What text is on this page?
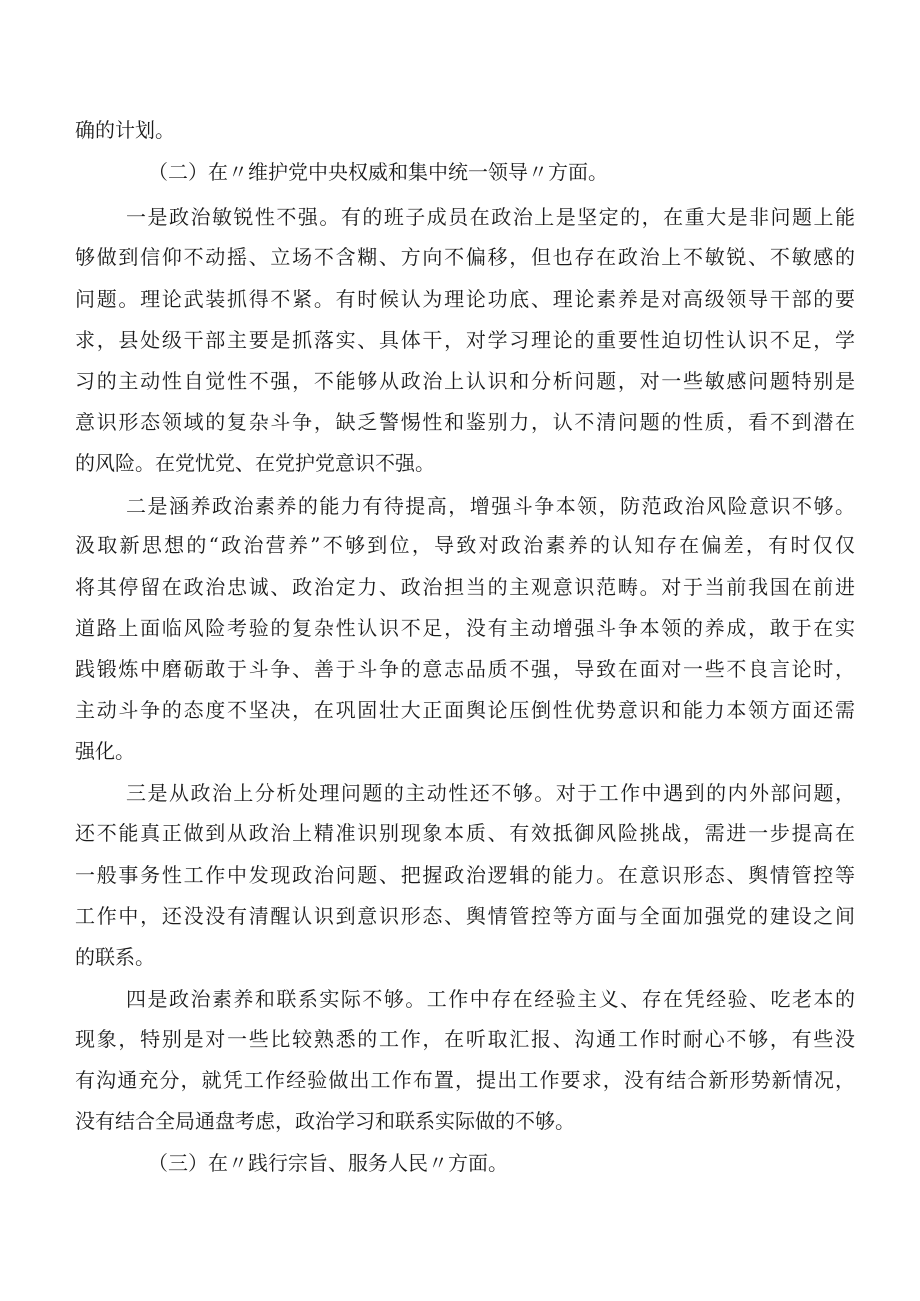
确的计划。
（二）在〃维护党中央权威和集中统一领导〃方面。
一是政治敏锐性不强。有的班子成员在政治上是坚定的，在重大是非问题上能
够做到信仰不动摇、立场不含糊、方向不偏移，但也存在政治上不敏锐、不敏感的
问题。理论武装抓得不紧。有时候认为理论功底、理论素养是对高级领导干部的要
求，县处级干部主要是抓落实、具体干，对学习理论的重要性迫切性认识不足，学
习的主动性自觉性不强，不能够从政治上认识和分析问题，对一些敏感问题特别是
意识形态领域的复杂斗争，缺乏警惕性和鉴别力，认不清问题的性质，看不到潜在
的风险。在党忧党、在党护党意识不强。
二是涵养政治素养的能力有待提高，增强斗争本领，防范政治风险意识不够。
汲取新思想的“政治营养”不够到位，导致对政治素养的认知存在偏差，有时仅仅
将其停留在政治忠诚、政治定力、政治担当的主观意识范畴。对于当前我国在前进
道路上面临风险考验的复杂性认识不足，没有主动增强斗争本领的养成，敢于在实
践锻炼中磨砺敢于斗争、善于斗争的意志品质不强，导致在面对一些不良言论时，
主动斗争的态度不坚决，在巩固壮大正面舆论压倒性优势意识和能力本领方面还需
强化。
三是从政治上分析处理问题的主动性还不够。对于工作中遇到的内外部问题，
还不能真正做到从政治上精准识别现象本质、有效抵御风险挑战，需进一步提高在
一般事务性工作中发现政治问题、把握政治逻辑的能力。在意识形态、舆情管控等
工作中，还没没有清醒认识到意识形态、舆情管控等方面与全面加强党的建设之间
的联系。
四是政治素养和联系实际不够。工作中存在经验主义、存在凭经验、吃老本的
现象，特别是对一些比较熟悉的工作，在听取汇报、沟通工作时耐心不够，有些没
有沟通充分，就凭工作经验做出工作布置，提出工作要求，没有结合新形势新情况，
没有结合全局通盘考虑，政治学习和联系实际做的不够。
（三）在〃践行宗旨、服务人民〃方面。
